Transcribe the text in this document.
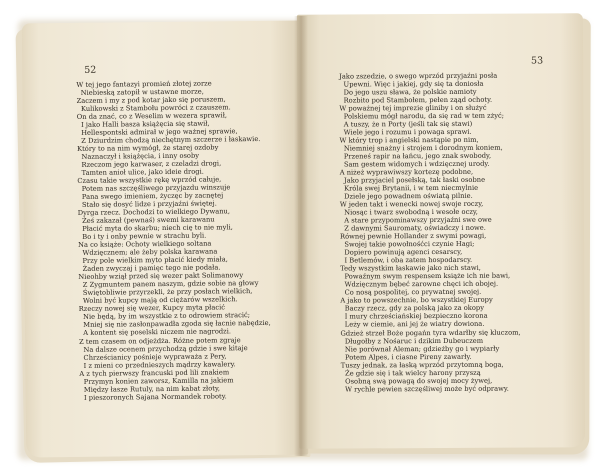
52
W tej jego fantazyi promień złotej zorze
Niebieską zatopił w ustawne morze,
Zaczem i my z pod kotar jako się poruszem,
Kulikowski z Stambołu powróci z czauszem.
On da znać, co z Weselim w wezera sprawił,
I jako Halli basza książęcia się stawił,
Hellespontski admirał w jego ważnej sprawie,
Z Dziurdzim chodzą niechętnym szczerze i łaskawie.
Który to na nim wymógł, że starej ozdoby
Naznaczył i książęcia, i inny osoby
Rzeczom jego karwaser, z czeladzi drogi,
Tamten anioł ulice, jako ideie drogi.
Czasu takie wszystkie rękę wprzód całuje,
Potem nas szczęśliwego przyjazdu winszuje
Pana swego imieniem, życzęc by zacnętej
Stało się dosyć lidze i przyjaźni świętej.
Dyrga rzecz. Dochodzi to wielkiego Dywanu,
Żeś zakazał (pewnaś) swemi karawanu
Płacić myta do skarbu; niech cię to nie myli,
Bo i ty i onby pewnie w strachu byli.
Na co książe: Ochoty wielkiego soltana
Wdzięcznem; ale żeby polska karawana
Przy pole wielkim myto płacić kiedy miała,
Żaden zwyczaj i pamięc tego nie podała.
Nieohby wziął przed się wezer pakt Solimanowy
Z Zygmuntem panem naszym, gdzie sobie na głowy
Świętobliwie przyrzekli, że przy posłach wielkich,
Wolni być kupcy mają od ciężarów wszelkich.
Rzeczy nowej się wezer, Kupcy myta płacić
Nie będą, by im wszystkie z to odrowiem stracić;
Mniej się nie zasłonpawadła zgoda się łacnie nabędzie,
A kontent się poselski niczem nie nagrodzi.
Z tem czasem on odjeżdża. Różne potem zgraje
Na dalsze ocenem przychodzą gdzie i swe kitaje
Chrześcianicy pośnieje wypraważa z Pery,
I z mieni co przednieszych mądrzy kawalery.
A z tych pierwszy francuski pod lili znakiem
Przymyn konien zaworsz, Kamilla na jakiem
Między łasze Rutuly, na nim kabat złoty,
I pieszoronych Sajana Normandek roboty.
53
Jako zszedzie, o swego wprzód przyjaźni posła
Upewni. Więc i jakiej, gdy się ta doniosła
Do jego uszu sława, że polskie namioty
Rozbito pod Stambołem, pełen ząąd ochoty.
W poważnej tej imprezie gliniby i on służyć
Polskiemu mógł narodu, da się rad w tem zżyć;
A tuszy, że n Porty (jeśli tak się stawi)
Wiele jego i rozumu i powaga sprawi.
W który trop i angielski nastąpie po nim,
Niemniej snażny i strojem i dorodnym koniem,
Przeneś rapir na łańcu, jego znak swobody,
Sam gestem widomych i wdzięcznej urody.
A niżeż wyprawiwszy kortezę podobne,
Jako przyjaciel posełską, tak łaski osobne
Króla swej Brytanii, i w tem niecmylnie
Dziele jego powadnem oświatą pilnie.
W jeden takt i wenecki nowej swoje roczy,
Niosąc i twarz swobodną i wesołe oczy,
A stare przypominawszy przyjaźni swe owe
Z dawnymi Sauromaty, oświadczy i nowe.
Równej pewnie Hollander z swymi powagi,
Swojej takie powołnośćci czynie Hagi;
Dopiero powinują agenci cesarscy,
I Betlemów, i oba zatem hospodarscy.
Tedy wszystkim łaskawie jako nich stawi,
Powaźnym swym respensem książe ich nie bawi,
Wdzięcznym bębeć zarowne chęci ich obojej.
Co nosą pospolitej, co prywatnej swojej.
A jako to powszechnie, bo wszystkiej Europy
Baczy rzecz, gdy za polską jako za okopy
I mury chrześciańskiej bezpieczno korona
Leży w ciemie, ani jej że wiatry dowiona.
Gdzież strzeł Boże pogańn tyra wdarłby się kluczom,
Długołby z Nośaruc i dzikim Dubeuczem
Nie porównał Aleman; gdzieżby go i wypiarły
Potem Alpes, i ciasne Pireny zawarły.
Tuszy jednak, za łaską wprzód przytomną boga,
Że gdzie się i tak wielcy harony przyszą
Osobną swą powagą do swojej mocy żywej,
W rychle pewien szczęśliwej może być odprawy.
